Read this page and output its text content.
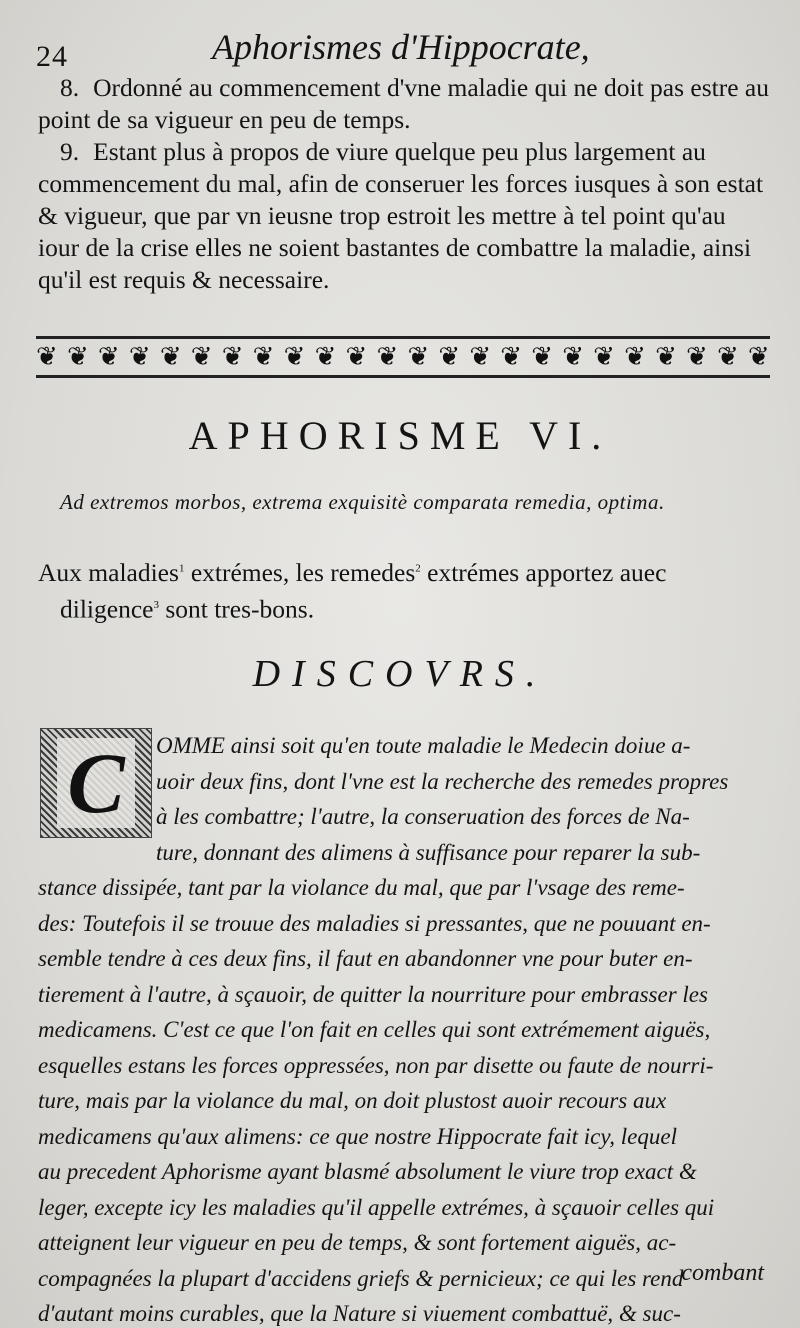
24	Aphorismes d'Hippocrate,

8. Ordonné au commencement d'vne maladie qui ne doit pas estre au point de sa vigueur en peu de temps.

9. Estant plus à propos de viure quelque peu plus largement au commencement du mal, afin de conseruer les forces iusques à son estat & vigueur, que par vn ieusne trop estroit les mettre à tel point qu'au iour de la crise elles ne soient bastantes de combattre la maladie, ainsi qu'il est requis & necessaire.

❦ ❦ ❦ ❦ ❦ ❦ ❦ ❦ ❦ ❦ ❦ ❦ ❦ ❦ ❦ ❦ ❦ ❦ ❦ ❦ ❦ ❦ ❦ ❦
APHORISME VI.
Ad extremos morbos, extrema exquisitè comparata remedia, optima.
Aux maladies$^1$ extrémes, les remedes$^2$ extrémes apportez auec
diligence$^3$ sont tres-bons.
DISCOVRS.
C	OMME ainsi soit qu'en toute maladie le Medecin doiue a-
uoir deux fins, dont l'vne est la recherche des remedes propres
à les combattre; l'autre, la conseruation des forces de Na-
ture, donnant des alimens à suffisance pour reparer la sub-
stance dissipée, tant par la violance du mal, que par l'vsage des reme-
des: Toutefois il se trouue des maladies si pressantes, que ne pouuant en-
semble tendre à ces deux fins, il faut en abandonner vne pour buter en-
tierement à l'autre, à sçauoir, de quitter la nourriture pour embrasser les
medicamens. C'est ce que l'on fait en celles qui sont extrémement aiguës,
esquelles estans les forces oppressées, non par disette ou faute de nourri-
ture, mais par la violance du mal, on doit plustost auoir recours aux
medicamens qu'aux alimens: ce que nostre Hippocrate fait icy, lequel
au precedent Aphorisme ayant blasmé absolument le viure trop exact &
leger, excepte icy les maladies qu'il appelle extrémes, à sçauoir celles qui
atteignent leur vigueur en peu de temps, & sont fortement aiguës, ac-
compagnées la plupart d'accidens griefs & pernicieux; ce qui les rend
d'autant moins curables, que la Nature si viuement combattuë, & suc-
combant
